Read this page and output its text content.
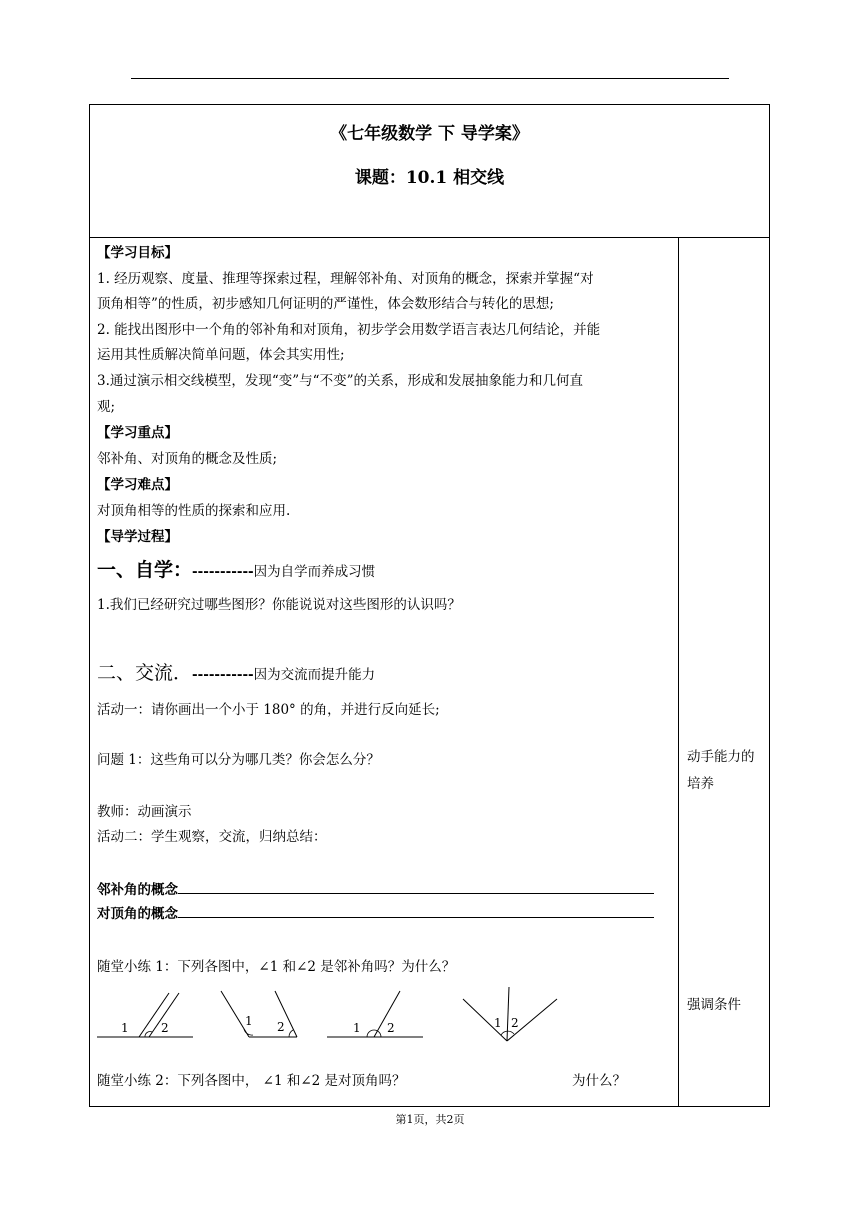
《七年级数学 下 导学案》
课题：10.1 相交线
【学习目标】
1. 经历观察、度量、推理等探索过程，理解邻补角、对顶角的概念，探索并掌握“对
顶角相等”的性质，初步感知几何证明的严谨性，体会数形结合与转化的思想;
2. 能找出图形中一个角的邻补角和对顶角，初步学会用数学语言表达几何结论，并能
运用其性质解决简单问题，体会其实用性;
3.通过演示相交线模型，发现“变”与“不变”的关系，形成和发展抽象能力和几何直
观;
【学习重点】
邻补角、对顶角的概念及性质;
【学习难点】
对顶角相等的性质的探索和应用.
【导学过程】
一、自学：-----------因为自学而养成习惯
1.我们已经研究过哪些图形？你能说说对这些图形的认识吗？
二、交流．-----------因为交流而提升能力
活动一：请你画出一个小于 180° 的角，并进行反向延长;
问题 1：这些角可以分为哪几类？你会怎么分？
教师：动画演示
活动二：学生观察，交流，归纳总结：
邻补角的概念
对顶角的概念
随堂小练 1：下列各图中，∠1 和∠2 是邻补角吗？为什么？
1	2	1 2	1 2	1 2
随堂小练 2：下列各图中， ∠1 和∠2 是对顶角吗？	为什么？
动手能力的
培养
强调条件
第1页，共2页
